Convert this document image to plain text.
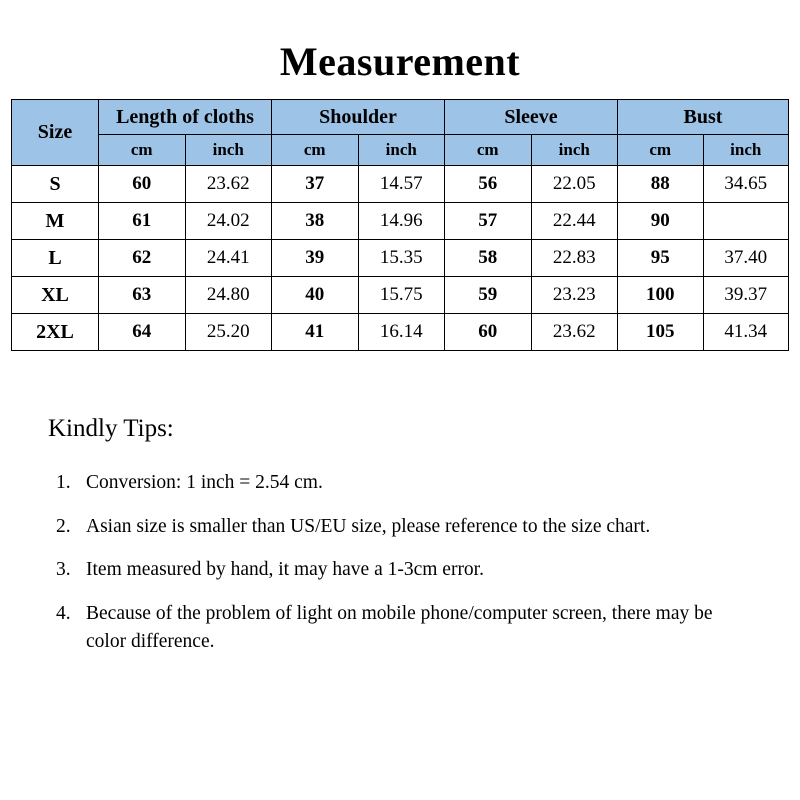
Measurement
Size	Length of cloths		Shoulder		Sleeve		Bust	
	cm	inch	cm	inch	cm	inch	cm	inch
S	60	23.62	37	14.57	56	22.05	88	34.65
M	61	24.02	38	14.96	57	22.44	90	
L	62	24.41	39	15.35	58	22.83	95	37.40
XL	63	24.80	40	15.75	59	23.23	100	39.37
2XL	64	25.20	41	16.14	60	23.62	105	41.34
Kindly Tips:
Conversion: 1 inch = 2.54 cm.
Asian size is smaller than US/EU size, please reference to the size chart.
Item measured by hand, it may have a 1-3cm error.
Because of the problem of light on mobile phone/computer screen, there may be color difference.
